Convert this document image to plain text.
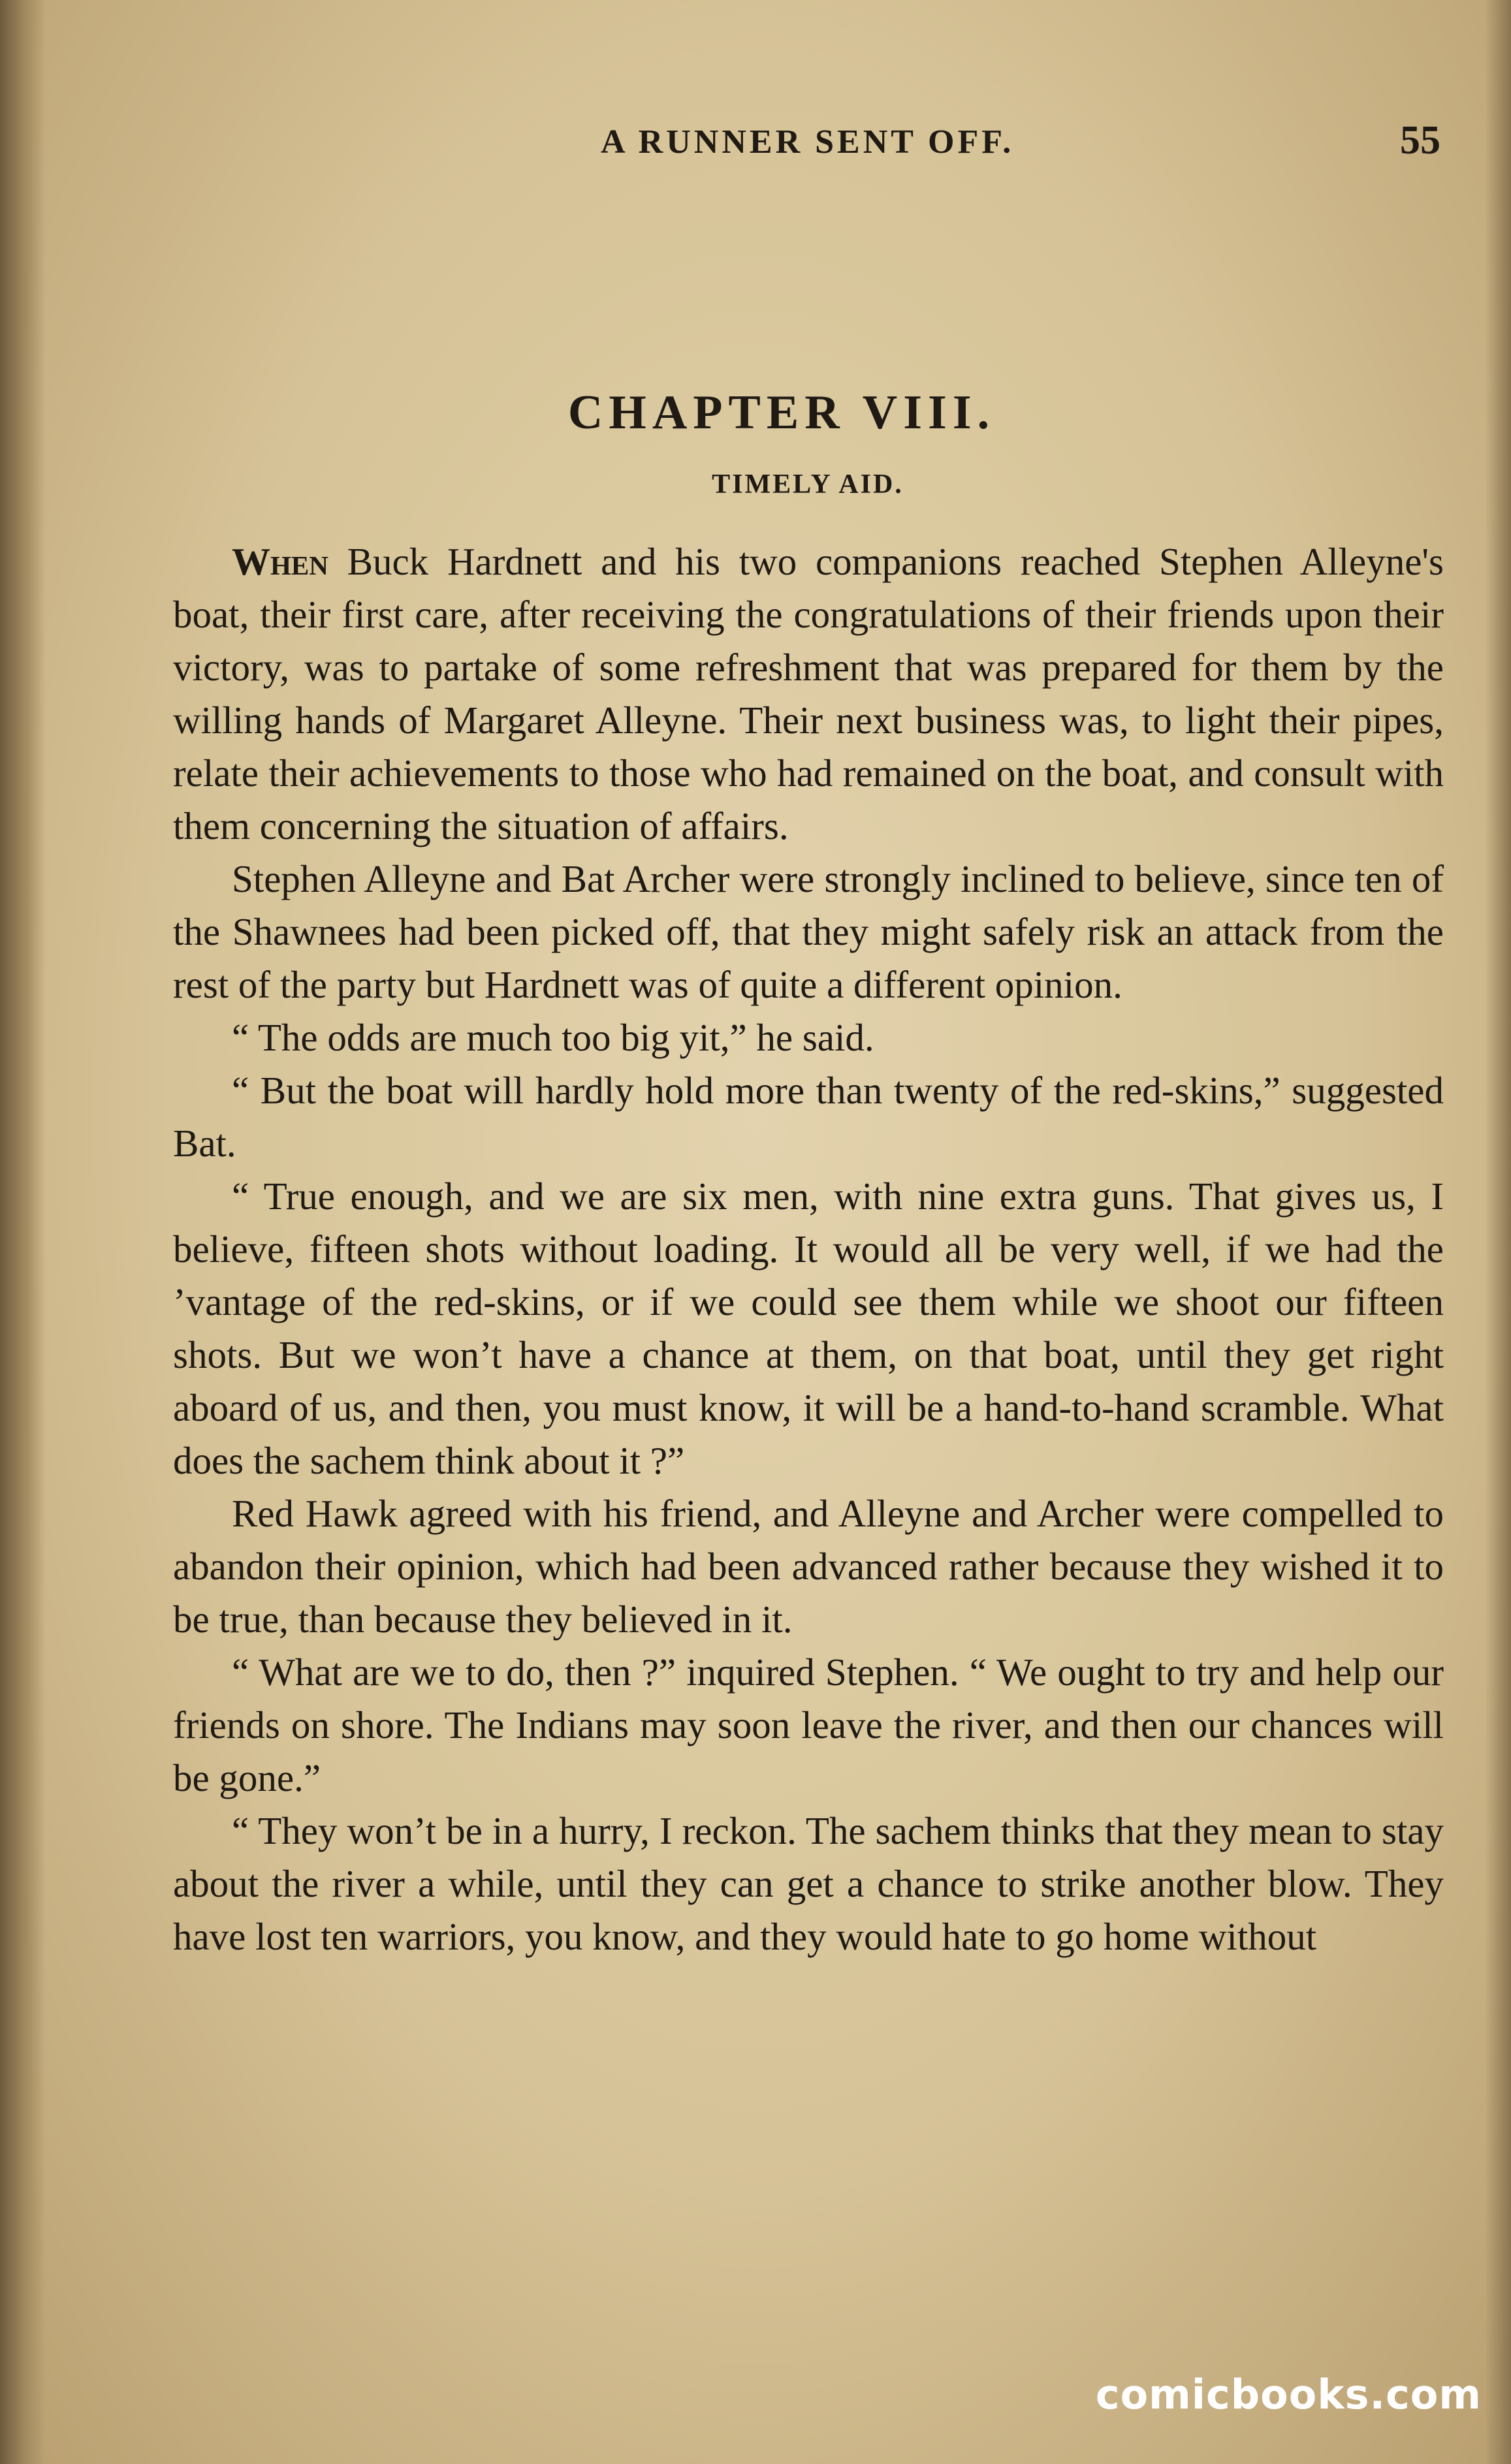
A RUNNER SENT OFF.	55
CHAPTER VIII.
TIMELY AID.

When Buck Hardnett and his two companions reached Stephen Alleyne's boat, their first care, after receiving the congratulations of their friends upon their victory, was to partake of some refreshment that was prepared for them by the willing hands of Margaret Alleyne. Their next business was, to light their pipes, relate their achievements to those who had remained on the boat, and consult with them concerning the situation of affairs.

Stephen Alleyne and Bat Archer were strongly inclined to believe, since ten of the Shawnees had been picked off, that they might safely risk an attack from the rest of the party but Hardnett was of quite a different opinion.

“ The odds are much too big yit,” he said.

“ But the boat will hardly hold more than twenty of the red-skins,” suggested Bat.

“ True enough, and we are six men, with nine extra guns. That gives us, I believe, fifteen shots without loading. It would all be very well, if we had the ’vantage of the red-skins, or if we could see them while we shoot our fifteen shots. But we won’t have a chance at them, on that boat, until they get right aboard of us, and then, you must know, it will be a hand-to-hand scramble. What does the sachem think about it ?”

Red Hawk agreed with his friend, and Alleyne and Archer were compelled to abandon their opinion, which had been advanced rather because they wished it to be true, than because they believed in it.

“ What are we to do, then ?” inquired Stephen. “ We ought to try and help our friends on shore. The Indians may soon leave the river, and then our chances will be gone.”

“ They won’t be in a hurry, I reckon. The sachem thinks that they mean to stay about the river a while, until they can get a chance to strike another blow. They have lost ten warriors, you know, and they would hate to go home without

comicbooks.com
